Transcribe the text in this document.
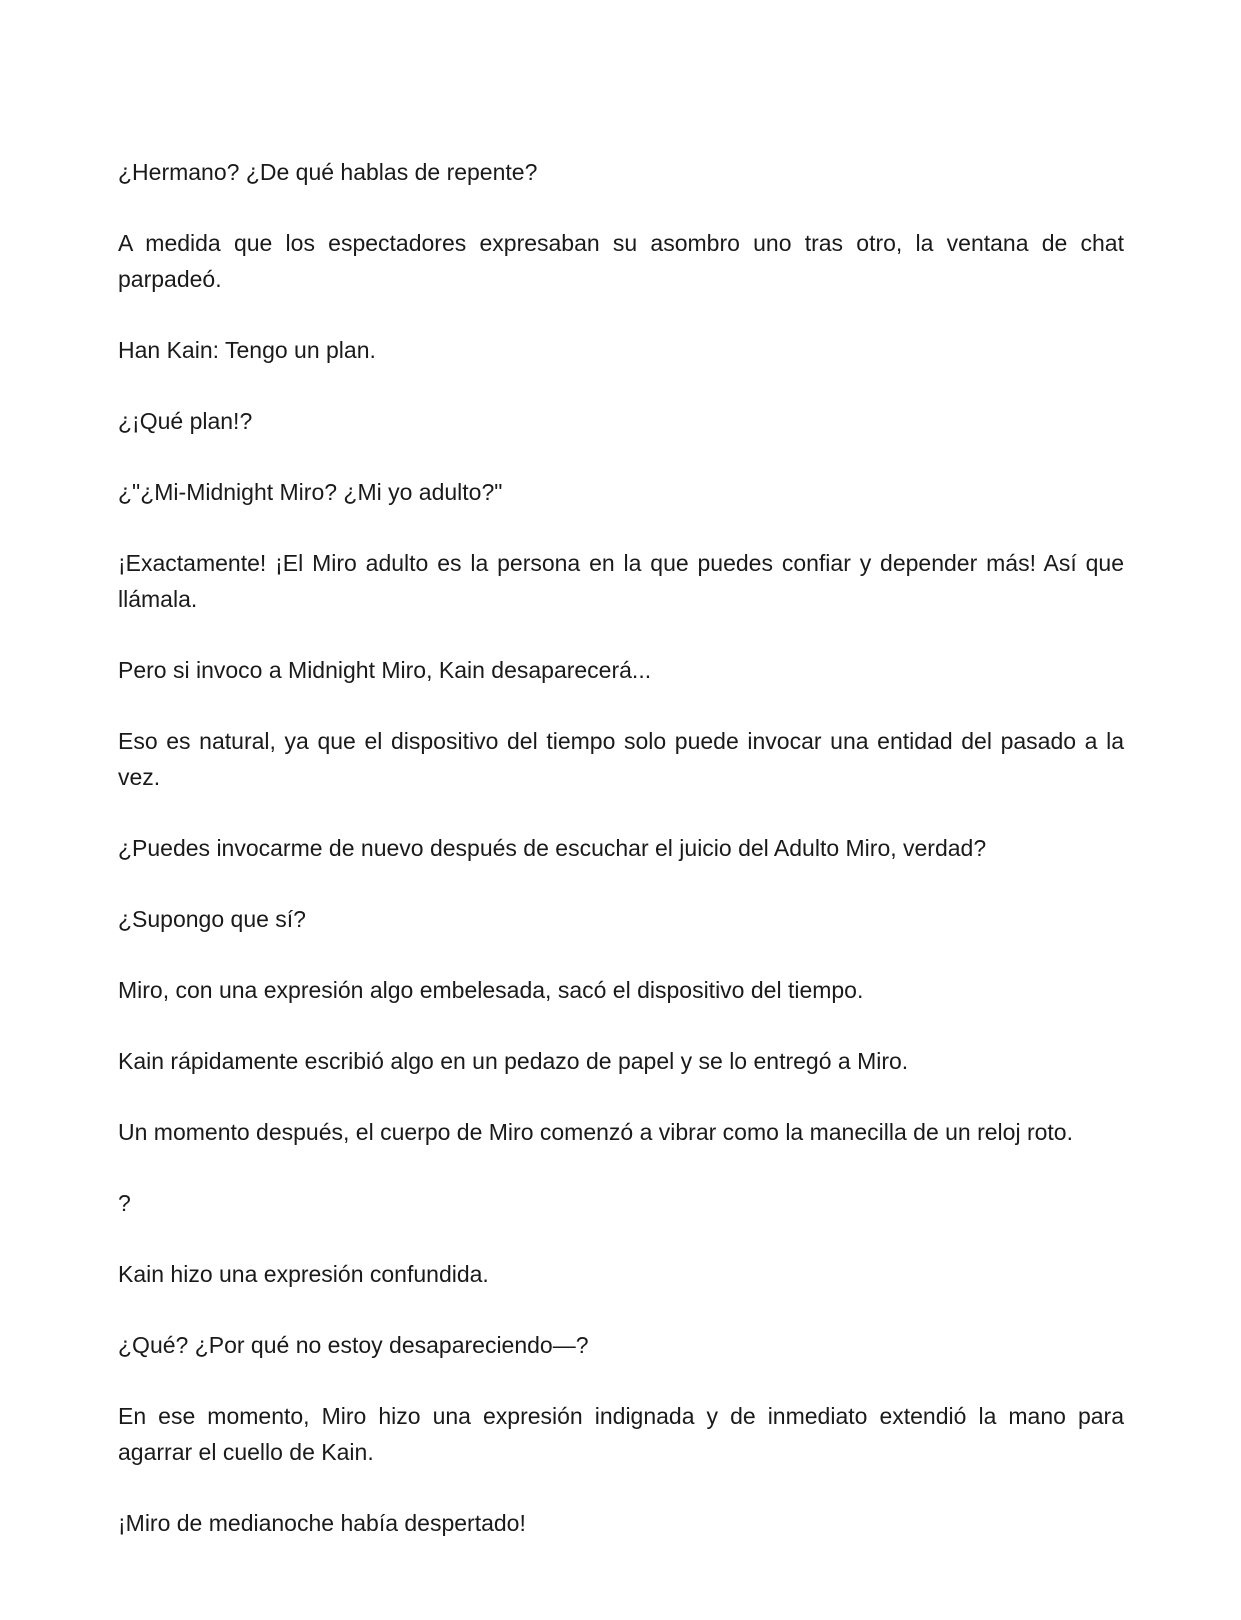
¿Hermano? ¿De qué hablas de repente?

A medida que los espectadores expresaban su asombro uno tras otro, la ventana de chat parpadeó.

Han Kain: Tengo un plan.

¿¡Qué plan!?

¿"¿Mi-Midnight Miro? ¿Mi yo adulto?"

¡Exactamente! ¡El Miro adulto es la persona en la que puedes confiar y depender más! Así que llámala.

Pero si invoco a Midnight Miro, Kain desaparecerá...

Eso es natural, ya que el dispositivo del tiempo solo puede invocar una entidad del pasado a la vez.

¿Puedes invocarme de nuevo después de escuchar el juicio del Adulto Miro, verdad?

¿Supongo que sí?

Miro, con una expresión algo embelesada, sacó el dispositivo del tiempo.

Kain rápidamente escribió algo en un pedazo de papel y se lo entregó a Miro.

Un momento después, el cuerpo de Miro comenzó a vibrar como la manecilla de un reloj roto.

?

Kain hizo una expresión confundida.

¿Qué? ¿Por qué no estoy desapareciendo—?

En ese momento, Miro hizo una expresión indignada y de inmediato extendió la mano para agarrar el cuello de Kain.

¡Miro de medianoche había despertado!
